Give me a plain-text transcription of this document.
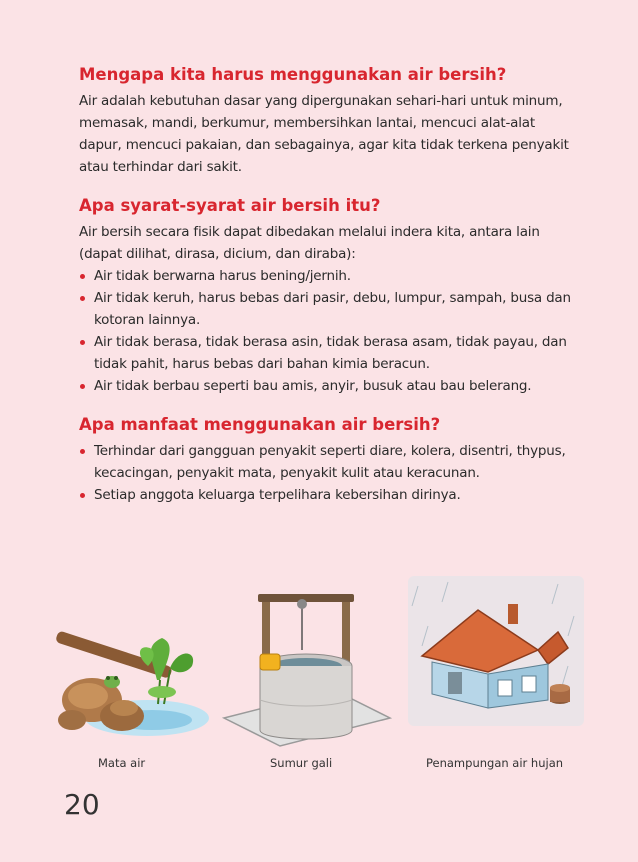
Mengapa kita harus menggunakan air bersih?

Air adalah kebutuhan dasar yang dipergunakan sehari-hari untuk minum, memasak, mandi, berkumur, membersihkan lantai, mencuci alat-alat dapur, mencuci pakaian, dan sebagainya, agar kita tidak terkena penyakit atau terhindar dari sakit.

Apa syarat-syarat air bersih itu?

Air bersih secara fisik dapat dibedakan melalui indera kita, antara lain (dapat dilihat, dirasa, dicium, dan diraba):

Air tidak berwarna harus bening/jernih.
Air tidak keruh, harus bebas dari pasir, debu, lumpur, sampah, busa dan kotoran lainnya.
Air tidak berasa, tidak berasa asin, tidak berasa asam, tidak payau, dan tidak pahit, harus bebas dari bahan kimia beracun.
Air tidak berbau seperti bau amis, anyir, busuk atau bau belerang.
Apa manfaat menggunakan air bersih?
Terhindar dari gangguan penyakit seperti diare, kolera, disentri, thypus, kecacingan, penyakit mata, penyakit kulit atau keracunan.
Setiap anggota keluarga terpelihara kebersihan dirinya.
Mata air	Sumur gali	Penampungan air hujan
20
